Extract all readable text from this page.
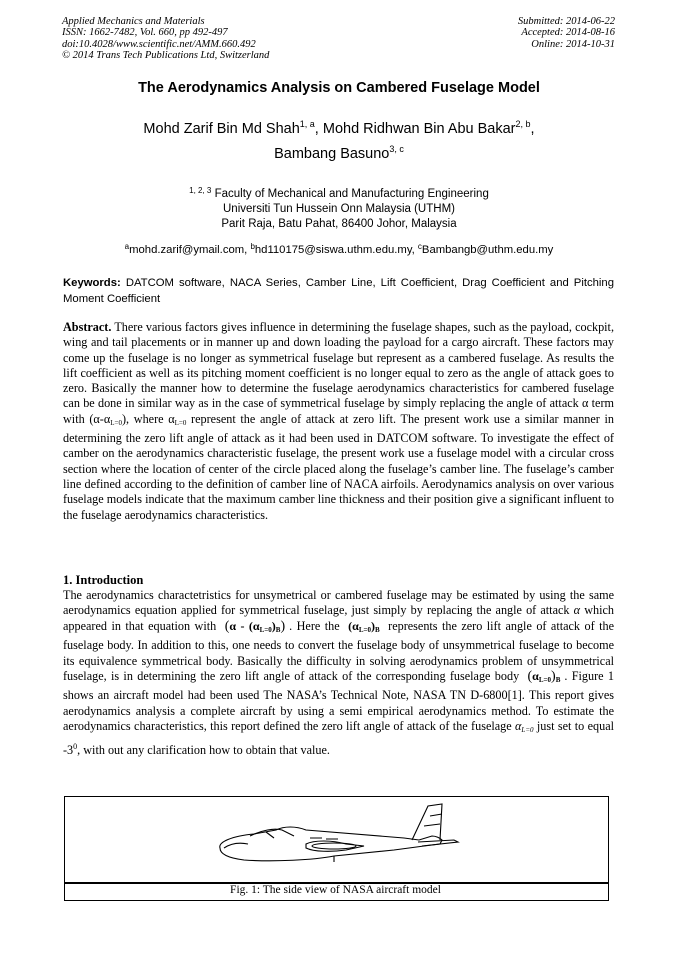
Applied Mechanics and Materials
ISSN: 1662-7482, Vol. 660, pp 492-497
doi:10.4028/www.scientific.net/AMM.660.492
© 2014 Trans Tech Publications Ltd, Switzerland
Submitted: 2014-06-22
Accepted: 2014-08-16
Online: 2014-10-31
The Aerodynamics Analysis on Cambered Fuselage Model
Mohd Zarif Bin Md Shah$^{1, a}$, Mohd Ridhwan Bin Abu Bakar$^{2, b}$,
Bambang Basuno$^{3, c}$
$^{1, 2, 3}$ Faculty of Mechanical and Manufacturing Engineering
Universiti Tun Hussein Onn Malaysia (UTHM)
Parit Raja, Batu Pahat, 86400 Johor, Malaysia
$^a$mohd.zarif@ymail.com, $^b$hd110175@siswa.uthm.edu.my, $^c$Bambangb@uthm.edu.my
Keywords: DATCOM software, NACA Series, Camber Line, Lift Coefficient, Drag Coefficient and Pitching Moment Coefficient
Abstract. There various factors gives influence in determining the fuselage shapes, such as the payload, cockpit, wing and tail placements or in manner up and down loading the payload for a cargo aircraft. These factors may come up the fuselage is no longer as symmetrical fuselage but represent as a cambered fuselage. As results the lift coefficient as well as its pitching moment coefficient is no longer equal to zero as the angle of attack goes to zero. Basically the manner how to determine the fuselage aerodynamics characteristics for cambered fuselage can be done in similar way as in the case of symmetrical fuselage by simply replacing the angle of attack α term with $(\alpha-\alpha_{L=0})$, where $\alpha_{L=0}$ represent the angle of attack at zero lift. The present work use a similar manner in determining the zero lift angle of attack as it had been used in DATCOM software. To investigate the effect of camber on the aerodynamics characteristic fuselage, the present work use a fuselage model with a circular cross section where the location of center of the circle placed along the fuselage’s camber line. The fuselage’s camber line defined according to the definition of camber line of NACA airfoils. Aerodynamics analysis on over various fuselage models indicate that the maximum camber line thickness and their position give a significant influent to the fuselage aerodynamics characteristics.
1. Introduction
The aerodynamics charactetristics for unsymetrical or cambered fuselage may be estimated by using the same aerodynamics equation applied for symmetrical fuselage, just simply by replacing the angle of attack α which appeared in that equation with $(\alpha - (\alpha_{L=0})_B)$ . Here the $(\alpha_{L=0})_B$ represents the zero lift angle of attack of the fuselage body. In addition to this, one needs to convert the fuselage body of unsymmetrical fuselage to become its equivalence symmetrical body. Basically the difficulty in solving aerodynamics problem of unsymmetrical fuselage, is in determining the zero lift angle of attack of the corresponding fuselage body $(\alpha_{L=0})_B$ . Figure 1 shows an aircraft model had been used The NASA’s Technical Note, NASA TN D-6800[1]. This report gives aerodynamics analysis a complete aircraft by using a semi empirical aerodynamics method. To estimate the aerodynamics characteristics, this report defined the zero lift angle of attack of the fuselage $\alpha_{L=0}$ just set to equal $-3^0$, with out any clarification how to obtain that value.
Fig. 1: The side view of NASA aircraft model
